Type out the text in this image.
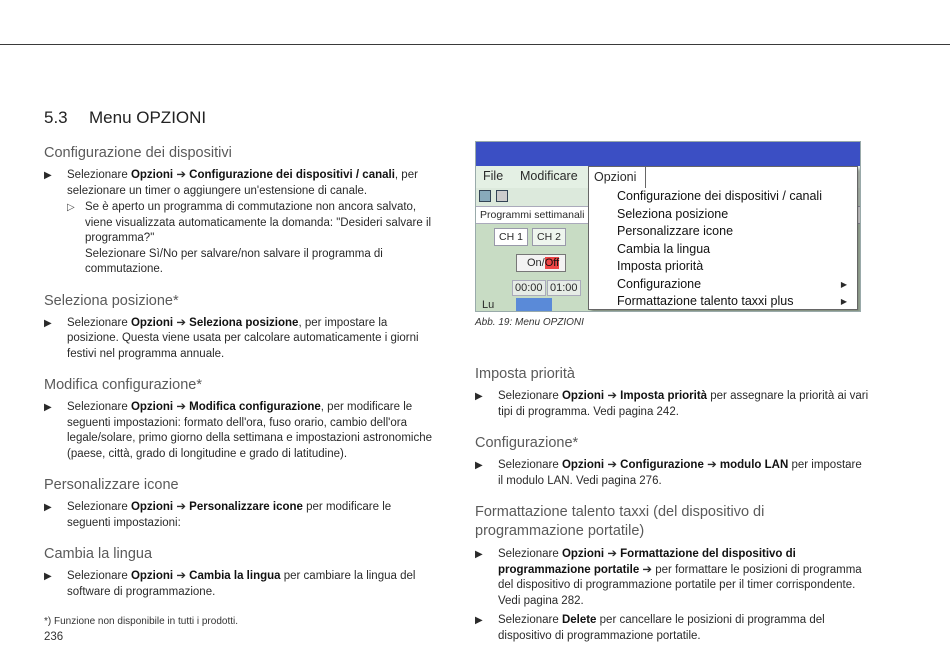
5.3 Menu OPZIONI
Configurazione dei dispositivi
▶ Selezionare Opzioni ➔ Configurazione dei dispositivi / canali, per selezionare un timer o aggiungere un'estensione di canale.
▷ Se è aperto un programma di commutazione non ancora salvato, viene visualizzata automaticamente la domanda: "Desideri salvare il programma?"
Selezionare Sì/No per salvare/non salvare il programma di commutazione.
Seleziona posizione*
▶ Selezionare Opzioni ➔ Seleziona posizione, per impostare la posizione. Questa viene usata per calcolare automaticamente i giorni festivi nel programma annuale.
Modifica configurazione*
▶ Selezionare Opzioni ➔ Modifica configurazione, per modificare le seguenti impostazioni: formato dell'ora, fuso orario, cambio dell'ora legale/solare, primo giorno della settimana e impostazioni astronomiche (paese, città, grado di longitudine e grado di latitudine).
Personalizzare icone
▶ Selezionare Opzioni ➔ Personalizzare icone per modificare le seguenti impostazioni:
Cambia la lingua
▶ Selezionare Opzioni ➔ Cambia la lingua per cambiare la lingua del software di programmazione.
File Modificare
Programmi settimanali
CH 1	CH 2
On/Off
00:00 01:00
Lu
Opzioni
Configurazione dei dispositivi / canali
Seleziona posizione
Personalizzare icone
Cambia la lingua
Imposta priorità
Configurazione	▶
Formattazione talento taxxi plus	▶
Abb. 19: Menu OPZIONI
Imposta priorità
▶ Selezionare Opzioni ➔ Imposta priorità per assegnare la priorità ai vari tipi di programma. Vedi pagina 242.
Configurazione*
▶ Selezionare Opzioni ➔ Configurazione ➔ modulo LAN per impostare il modulo LAN. Vedi pagina 276.
Formattazione talento taxxi (del dispositivo di programmazione portatile)
▶ Selezionare Opzioni ➔ Formattazione del dispositivo di programmazione portatile ➔ per formattare le posizioni di programma del dispositivo di programmazione portatile per il timer corrispondente.
Vedi pagina 282.
▶ Selezionare Delete per cancellare le posizioni di programma del dispositivo di programmazione portatile.
*) Funzione non disponibile in tutti i prodotti.
236
